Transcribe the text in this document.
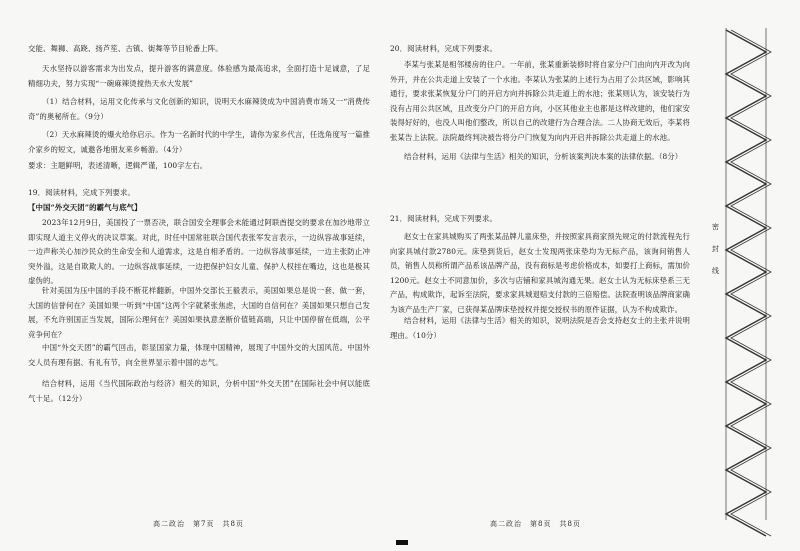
交能、舞狮、高跷、扬芦笙、古镇、街舞等节目轮番上阵。

天水坚持以游客需求为出发点，提升游客的满意度。体验感为最高追求，全面打造十足诚意，了足精细功夫，努力实现“一碗麻辣烫搅热天水大发展”

（1）结合材料，运用文化传承与文化创新的知识，说明天水麻辣烫成为中国消费市场又一“消费传奇”的奥秘所在。（9分）

（2）天水麻辣烫的爆火给你启示。作为一名新时代的中学生，请你为家乡代言，任选角度写一篇推介家乡的短文，诚邀各地朋友来乡畅游。（4分）

要求：主题鲜明，表述清晰，逻辑严谨，100字左右。

19．阅读材料，完成下列要求。

【中国“外交天团”的霸气与底气】

2023年12月9日，美国投了一票否决，联合国安全理事会未能通过阿联酋提交的要求在加沙地带立即实现人道主义停火的决议草案。对此，时任中国常驻联合国代表张军发言表示，一边纵容战事延续，一边声称关心加沙民众的生命安全和人道需求，这是自相矛盾的。一边纵容战事延续，一边主张防止冲突外溢，这是自欺欺人的。一边纵容战事延续，一边把保护妇女儿童、保护人权挂在嘴边，这也是极其虚伪的。

针对美国为压中国的手段不断花样翻新，中国外交部长王毅表示，美国如果总是说一套、做一套，大国的信誉何在？美国如果一听到“中国”这两个字就紧张焦虑，大国的自信何在？美国如果只想自己发展，不允许别国正当发展，国际公理何在？美国如果执意垄断价值链高端，只让中国停留在低端，公平竞争何在？

中国“外交天团”的霸气回击，彰显国家力量，体现中国精神，展现了中国外交的大国风范。中国外交人员有理有据、有礼有节，向全世界显示着中国的志气。

结合材料，运用《当代国际政治与经济》相关的知识，分析中国“外交天团”在国际社会中何以能底气十足。（12分）

高二政治　第7页　共8页

20．阅读材料，完成下列要求。

李某与张某是相邻楼房的住户。一年前，张某重新装修时将自家分户门由向内开改为向外开，并在公共走道上安装了一个水池。李某认为张某的上述行为占用了公共区域，影响其通行，要求张某恢复分户门的开启方向并拆除公共走道上的水池；张某则认为，该安装行为没有占用公共区域，且改变分户门的开启方向，小区其他业主也都是这样改建的，他们家安装得好好的，也没人叫他们整改，所以自己的改建行为合理合法。二人协商无效后，李某将张某告上法院。法院最终判决被告将分户门恢复为向内开启并拆除公共走道上的水池。

结合材料，运用《法律与生活》相关的知识，分析该案判决本案的法律依据。（8分）

21．阅读材料，完成下列要求。

赵女士在家具城购买了两张某品牌儿童床垫，并按照家具商家预先规定的付款流程先行向家具城付款2780元。床垫到货后，赵女士发现两张床垫均为无标产品，该询问销售人员，销售人员称所谓产品系该品牌产品，没有商标是考虑价格成本，如要打上商标，需加价1200元。赵女士不同意加价，多次与店铺和家具城沟通无果。赵女士认为无标床垫系三无产品，构成欺诈，起诉至法院，要求家具城退赔支付款的三倍赔偿。法院查明该品牌商家确为该产品生产厂家，已获得某品牌床垫授权并提交授权书的原件证据，认为不构成欺诈。

结合材料，运用《法律与生活》相关的知识，说明法院是否会支持赵女士的主张并说明理由。（10分）

高二政治　第8页　共8页
密
封
线
